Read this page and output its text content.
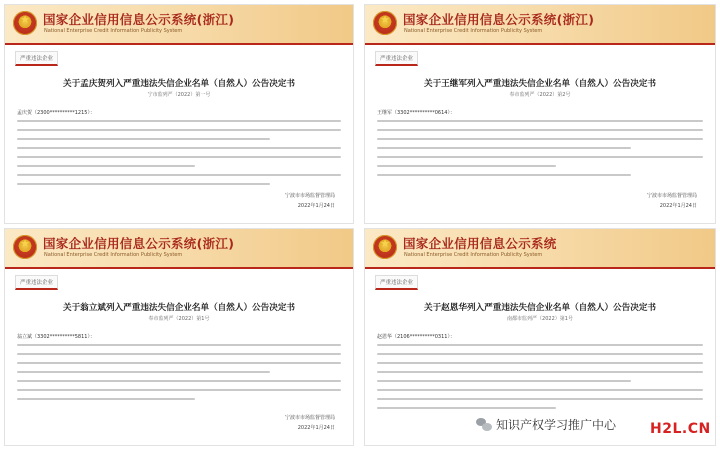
★
国家企业信用信息公示系统(浙江)
National Enterprise Credit Information Publicity System
严重违法企业
关于孟庆贺列入严重违法失信企业名单（自然人）公告决定书
宁市监列严（2022）第一号
孟庆贺（2300**********1215）：
宁波市市场监督管理局
2022年1月24日
★
国家企业信用信息公示系统(浙江)
National Enterprise Credit Information Publicity System
严重违法企业
关于王继军列入严重违法失信企业名单（自然人）公告决定书
奉市监列严（2022）第2号
王继军（3302**********0614）：
宁波市市场监督管理局
2022年1月24日
★
国家企业信用信息公示系统(浙江)
National Enterprise Credit Information Publicity System
严重违法企业
关于翁立斌列入严重违法失信企业名单（自然人）公告决定书
奉市监列严（2022）第1号
翁立斌（3302**********5811）：
宁波市市场监督管理局
2022年1月24日
★
国家企业信用信息公示系统
National Enterprise Credit Information Publicity System
严重违法企业
关于赵恩华列入严重违法失信企业名单（自然人）公告决定书
南都市监列严（2022）第1号
赵恩华（2106**********0311）：
知识产权学习推广中心 H2L.CN
